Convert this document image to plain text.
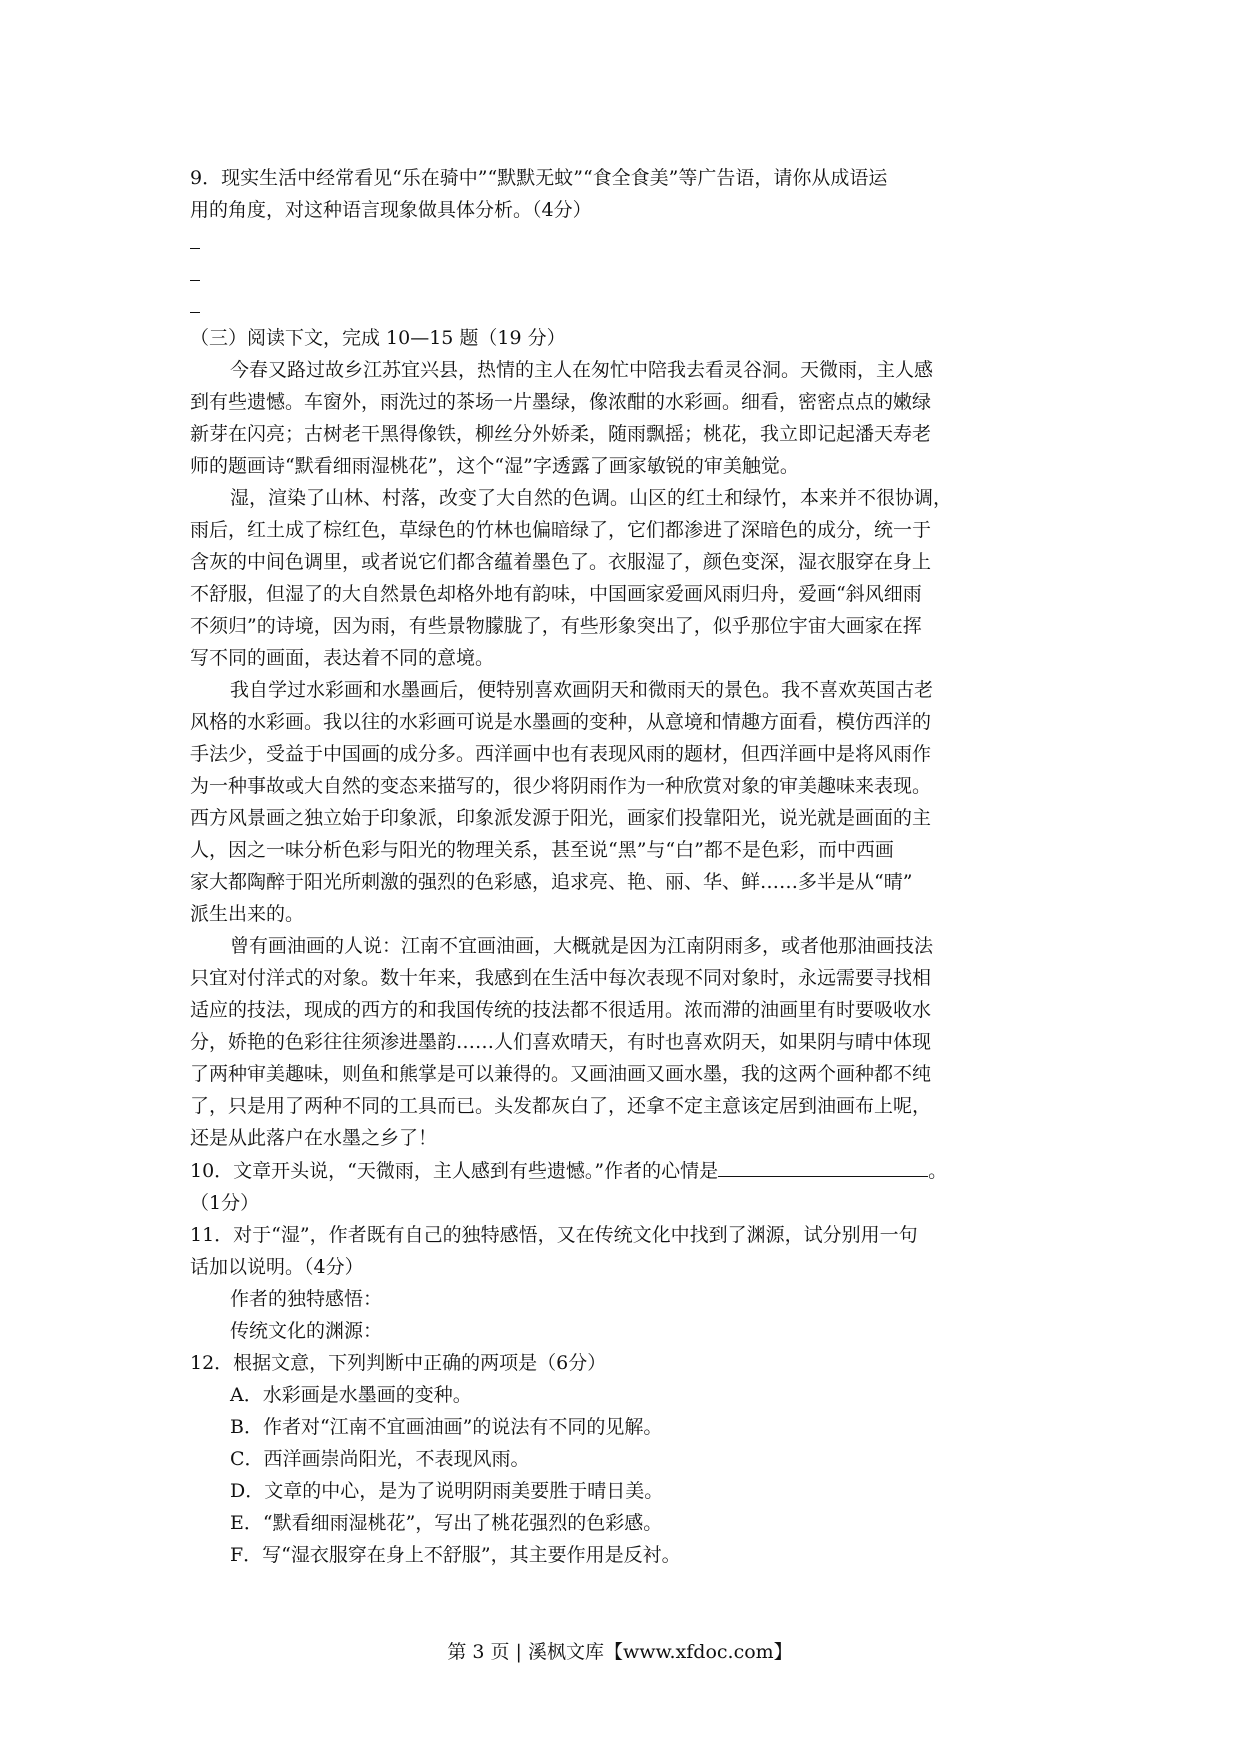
9．现实生活中经常看见“乐在骑中”“默默无蚊”“食全食美”等广告语，请你从成语运
用的角度，对这种语言现象做具体分析。（4分）
（三）阅读下文，完成 10—15 题（19 分）
今春又路过故乡江苏宜兴县，热情的主人在匆忙中陪我去看灵谷洞。天微雨，主人感
到有些遗憾。车窗外，雨洗过的茶场一片墨绿，像浓酣的水彩画。细看，密密点点的嫩绿
新芽在闪亮；古树老干黑得像铁，柳丝分外娇柔，随雨飘摇；桃花，我立即记起潘天寿老
师的题画诗“默看细雨湿桃花”，这个“湿”字透露了画家敏锐的审美触觉。
湿，渲染了山林、村落，改变了大自然的色调。山区的红土和绿竹，本来并不很协调，
雨后，红土成了棕红色，草绿色的竹林也偏暗绿了，它们都渗进了深暗色的成分，统一于
含灰的中间色调里，或者说它们都含蕴着墨色了。衣服湿了，颜色变深，湿衣服穿在身上
不舒服，但湿了的大自然景色却格外地有韵味，中国画家爱画风雨归舟，爱画“斜风细雨
不须归”的诗境，因为雨，有些景物朦胧了，有些形象突出了，似乎那位宇宙大画家在挥
写不同的画面，表达着不同的意境。
我自学过水彩画和水墨画后，便特别喜欢画阴天和微雨天的景色。我不喜欢英国古老
风格的水彩画。我以往的水彩画可说是水墨画的变种，从意境和情趣方面看，模仿西洋的
手法少，受益于中国画的成分多。西洋画中也有表现风雨的题材，但西洋画中是将风雨作
为一种事故或大自然的变态来描写的，很少将阴雨作为一种欣赏对象的审美趣味来表现。
西方风景画之独立始于印象派，印象派发源于阳光，画家们投靠阳光，说光就是画面的主
人，因之一味分析色彩与阳光的物理关系，甚至说“黑”与“白”都不是色彩，而中西画
家大都陶醉于阳光所刺激的强烈的色彩感，追求亮、艳、丽、华、鲜……多半是从“晴”
派生出来的。
曾有画油画的人说：江南不宜画油画，大概就是因为江南阴雨多，或者他那油画技法
只宜对付洋式的对象。数十年来，我感到在生活中每次表现不同对象时，永远需要寻找相
适应的技法，现成的西方的和我国传统的技法都不很适用。浓而滞的油画里有时要吸收水
分，娇艳的色彩往往须渗进墨韵……人们喜欢晴天，有时也喜欢阴天，如果阴与晴中体现
了两种审美趣味，则鱼和熊掌是可以兼得的。又画油画又画水墨，我的这两个画种都不纯
了，只是用了两种不同的工具而已。头发都灰白了，还拿不定主意该定居到油画布上呢，
还是从此落户在水墨之乡了！
10．文章开头说，“天微雨，主人感到有些遗憾。”作者的心情是	。
（1分）
11．对于“湿”，作者既有自己的独特感悟，又在传统文化中找到了渊源，试分别用一句
话加以说明。（4分）
作者的独特感悟：
传统文化的渊源：
12．根据文意，下列判断中正确的两项是（6分）
A．水彩画是水墨画的变种。
B．作者对“江南不宜画油画”的说法有不同的见解。
C．西洋画崇尚阳光，不表现风雨。
D．文章的中心，是为了说明阴雨美要胜于晴日美。
E．“默看细雨湿桃花”，写出了桃花强烈的色彩感。
F．写“湿衣服穿在身上不舒服”，其主要作用是反衬。
第 3 页 | 溪枫文库【www.xfdoc.com】
